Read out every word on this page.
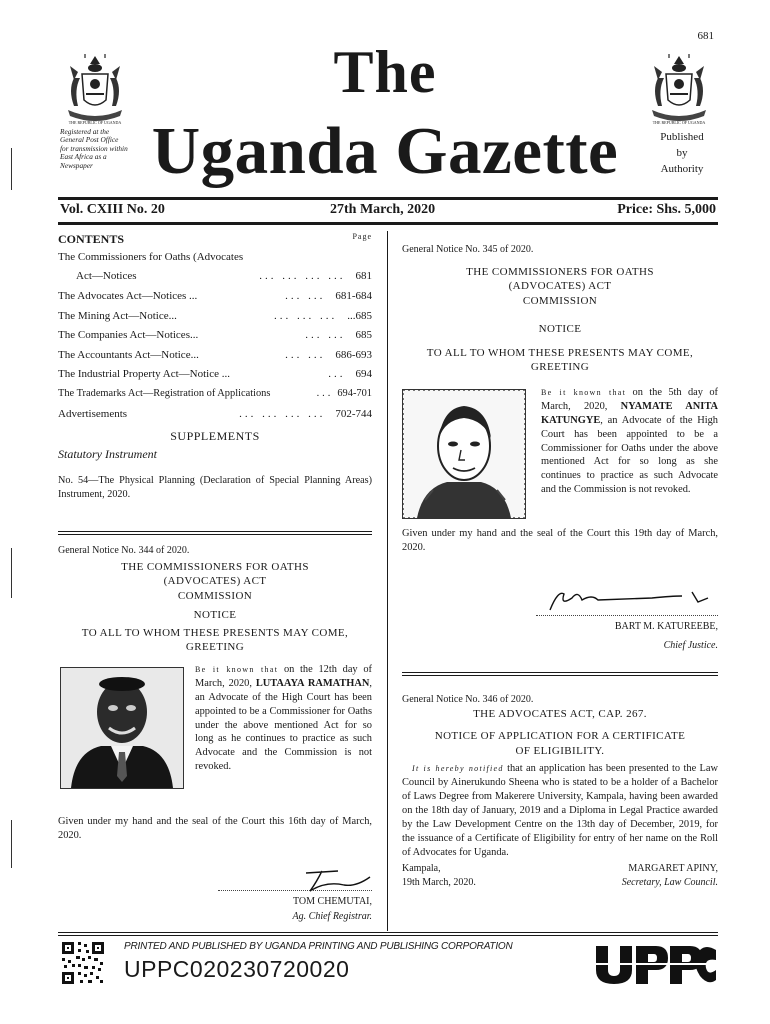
681
THE REPUBLIC OF UGANDA	THE REPUBLIC OF UGANDA
The
Uganda Gazette
Registered at the
General Post Office
for transmission within
East Africa as a
Newspaper
Published
by
Authority
Vol. CXIII No. 20	27th March, 2020	Price: Shs. 5,000
CONTENTS	Page
The Commissioners for Oaths (Advocates
Act—Notices	... ... ... ... 681
The Advocates Act—Notices ...	... ... 681-684
The Mining Act—Notice...	... ... ... ...685
The Companies Act—Notices...	... ... 685
The Accountants Act—Notice...	... ... 686-693
The Industrial Property Act—Notice ...	... 694
The Trademarks Act—Registration of Applications	... 694-701
Advertisements	... ... ... ... 702-744
SUPPLEMENTS
Statutory Instrument
No. 54—The Physical Planning (Declaration of Special Planning Areas) Instrument, 2020.
General Notice No. 344 of 2020.
THE COMMISSIONERS FOR OATHS (ADVOCATES) ACT
COMMISSION
NOTICE
TO ALL TO WHOM THESE PRESENTS MAY COME, GREETING
Be it known that on the 12th day of March, 2020, LUTAAYA RAMATHAN, an Advocate of the High Court has been appointed to be a Commissioner for Oaths under the above mentioned Act for so long as he continues to practice as such Advocate and the Commission is not revoked.
Given under my hand and the seal of the Court this 16th day of March, 2020.
TOM CHEMUTAI,
Ag. Chief Registrar.
General Notice No. 345 of 2020.
THE COMMISSIONERS FOR OATHS (ADVOCATES) ACT
COMMISSION
NOTICE
TO ALL TO WHOM THESE PRESENTS MAY COME, GREETING
Be it known that on the 5th day of March, 2020, NYAMATE ANITA KATUNGYE, an Advocate of the High Court has been appointed to be a Commissioner for Oaths under the above mentioned Act for so long as she continues to practice as such Advocate and the Commission is not revoked.
Given under my hand and the seal of the Court this 19th day of March, 2020.
BART M. KATUREEBE,
Chief Justice.
General Notice No. 346 of 2020.
THE ADVOCATES ACT, CAP. 267.
NOTICE OF APPLICATION FOR A CERTIFICATE OF ELIGIBILITY.
It is hereby notified that an application has been presented to the Law Council by Ainerukundo Sheena who is stated to be a holder of a Bachelor of Laws Degree from Makerere University, Kampala, having been awarded on the 18th day of January, 2019 and a Diploma in Legal Practice awarded by the Law Development Centre on the 13th day of December, 2019, for the issuance of a Certificate of Eligibility for entry of her name on the Roll of Advocates for Uganda.
Kampala,
19th March, 2020.
MARGARET APINY,
Secretary, Law Council.
PRINTED AND PUBLISHED BY UGANDA PRINTING AND PUBLISHING CORPORATION
UPPC020230720020
